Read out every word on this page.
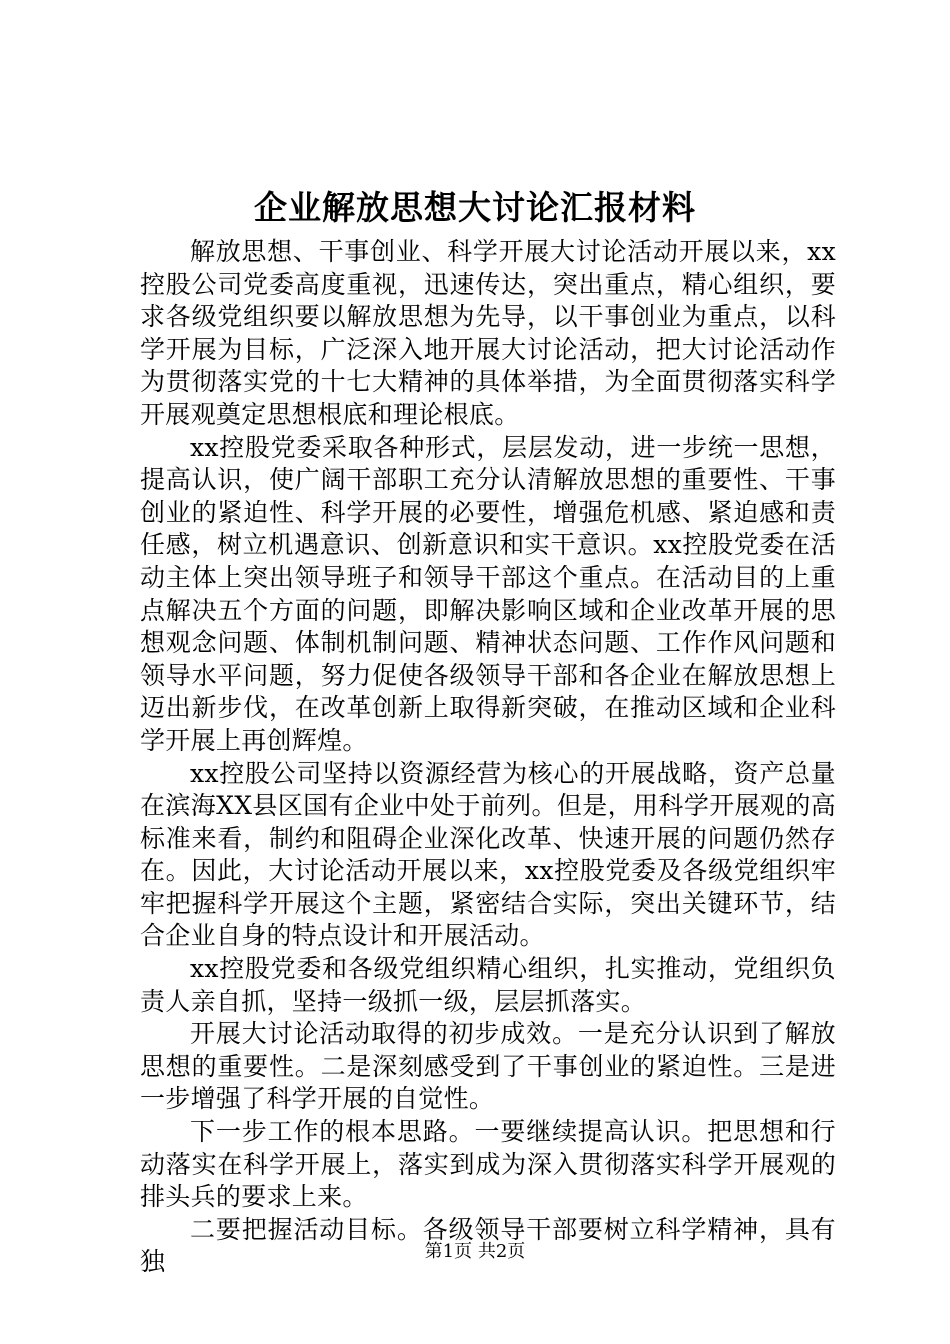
企业解放思想大讨论汇报材料

解放思想、干事创业、科学开展大讨论活动开展以来，xx控股公司党委高度重视，迅速传达，突出重点，精心组织，要求各级党组织要以解放思想为先导，以干事创业为重点，以科学开展为目标，广泛深入地开展大讨论活动，把大讨论活动作为贯彻落实党的十七大精神的具体举措，为全面贯彻落实科学开展观奠定思想根底和理论根底。

xx控股党委采取各种形式，层层发动，进一步统一思想，提高认识，使广阔干部职工充分认清解放思想的重要性、干事创业的紧迫性、科学开展的必要性，增强危机感、紧迫感和责任感，树立机遇意识、创新意识和实干意识。xx控股党委在活动主体上突出领导班子和领导干部这个重点。在活动目的上重点解决五个方面的问题，即解决影响区域和企业改革开展的思想观念问题、体制机制问题、精神状态问题、工作作风问题和领导水平问题，努力促使各级领导干部和各企业在解放思想上迈出新步伐，在改革创新上取得新突破，在推动区域和企业科学开展上再创辉煌。

xx控股公司坚持以资源经营为核心的开展战略，资产总量在滨海XX县区国有企业中处于前列。但是，用科学开展观的高标准来看，制约和阻碍企业深化改革、快速开展的问题仍然存在。因此，大讨论活动开展以来，xx控股党委及各级党组织牢牢把握科学开展这个主题，紧密结合实际，突出关键环节，结合企业自身的特点设计和开展活动。

xx控股党委和各级党组织精心组织，扎实推动，党组织负责人亲自抓，坚持一级抓一级，层层抓落实。

开展大讨论活动取得的初步成效。一是充分认识到了解放思想的重要性。二是深刻感受到了干事创业的紧迫性。三是进一步增强了科学开展的自觉性。

下一步工作的根本思路。一要继续提高认识。把思想和行动落实在科学开展上，落实到成为深入贯彻落实科学开展观的排头兵的要求上来。

二要把握活动目标。各级领导干部要树立科学精神，具有独	第1页 共2页
